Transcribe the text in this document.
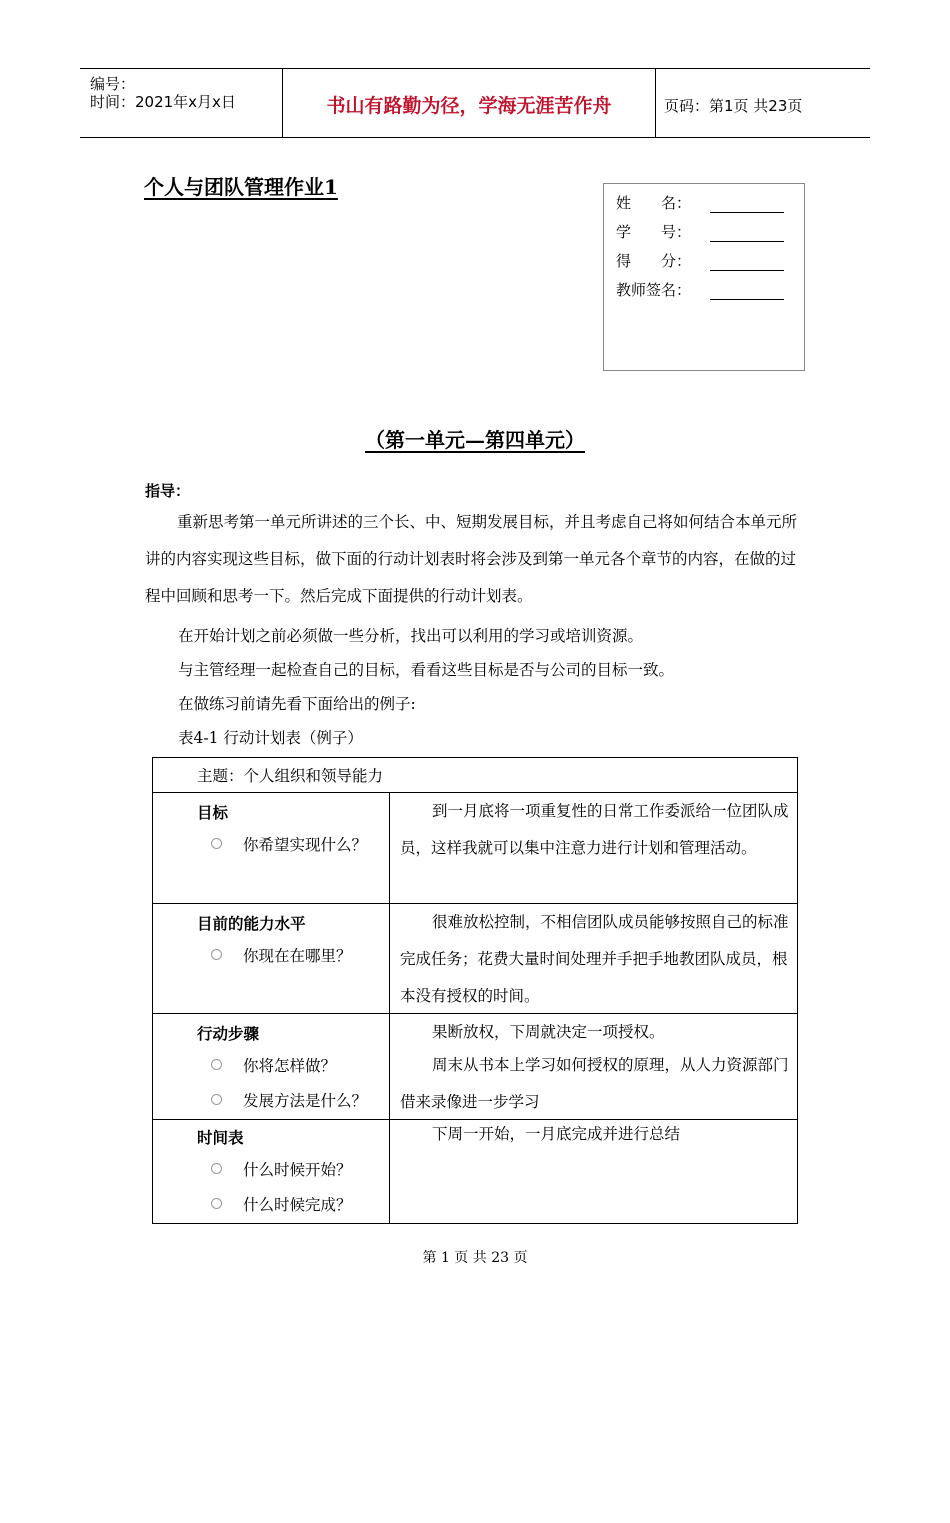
编号：
时间：2021年x月x日	书山有路勤为径，学海无涯苦作舟	页码：第1页 共23页
个人与团队管理作业1
姓　　名：
学　　号：
得　　分：
教师签名：
（第一单元—第四单元）
指导：
重新思考第一单元所讲述的三个长、中、短期发展目标，并且考虑自己将如何结合本单元所讲的内容实现这些目标，做下面的行动计划表时将会涉及到第一单元各个章节的内容，在做的过程中回顾和思考一下。然后完成下面提供的行动计划表。
在开始计划之前必须做一些分析，找出可以利用的学习或培训资源。
与主管经理一起检查自己的目标，看看这些目标是否与公司的目标一致。
在做练习前请先看下面给出的例子:
表4-1 行动计划表（例子）
主题：个人组织和领导能力
目标
你希望实现什么？
到一月底将一项重复性的日常工作委派给一位团队成员，这样我就可以集中注意力进行计划和管理活动。
目前的能力水平
你现在在哪里？
很难放松控制，不相信团队成员能够按照自己的标准完成任务；花费大量时间处理并手把手地教团队成员，根本没有授权的时间。
行动步骤
你将怎样做？
发展方法是什么？
果断放权，下周就决定一项授权。
周末从书本上学习如何授权的原理，从人力资源部门借来录像进一步学习
时间表
什么时候开始？
什么时候完成？
下周一开始，一月底完成并进行总结
第 1 页 共 23 页
